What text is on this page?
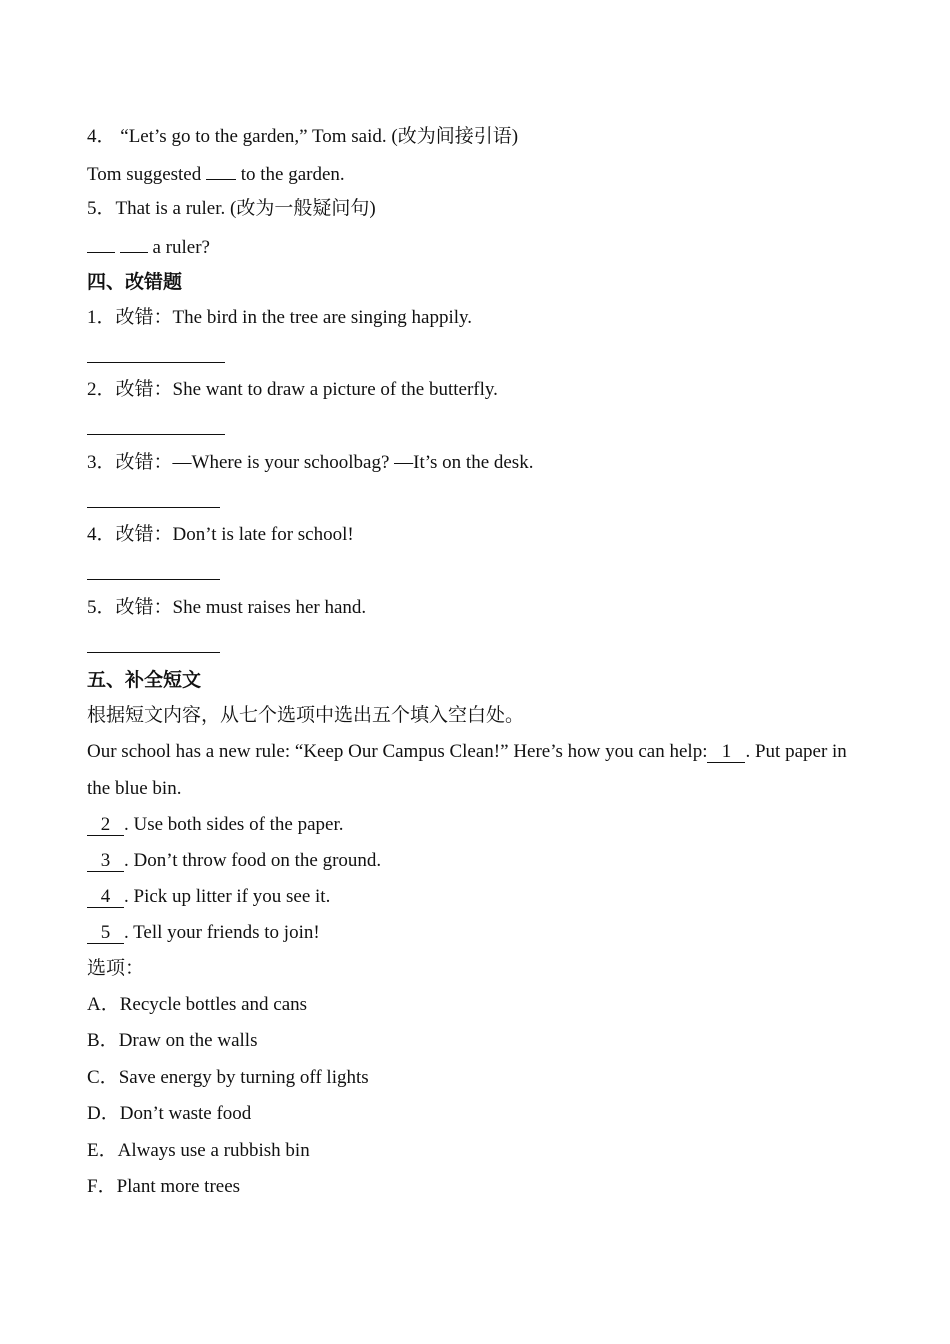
4． “Let’s go to the garden,” Tom said. (改为间接引语)
Tom suggested to the garden.
5．That is a ruler. (改为一般疑问句)
a ruler?
四、改错题
1．改错：The bird in the tree are singing happily.
2．改错：She want to draw a picture of the butterfly.
3．改错：—Where is your schoolbag? —It’s on the desk.
4．改错：Don’t is late for school!
5．改错：She must raises her hand.
五、补全短文
根据短文内容，从七个选项中选出五个填入空白处。
Our school has a new rule: “Keep Our Campus Clean!” Here’s how you can help: 1 . Put paper in
the blue bin.
2 . Use both sides of the paper.
3 . Don’t throw food on the ground.
4 . Pick up litter if you see it.
5 . Tell your friends to join!
选项：
A．Recycle bottles and cans
B．Draw on the walls
C．Save energy by turning off lights
D．Don’t waste food
E．Always use a rubbish bin
F．Plant more trees
